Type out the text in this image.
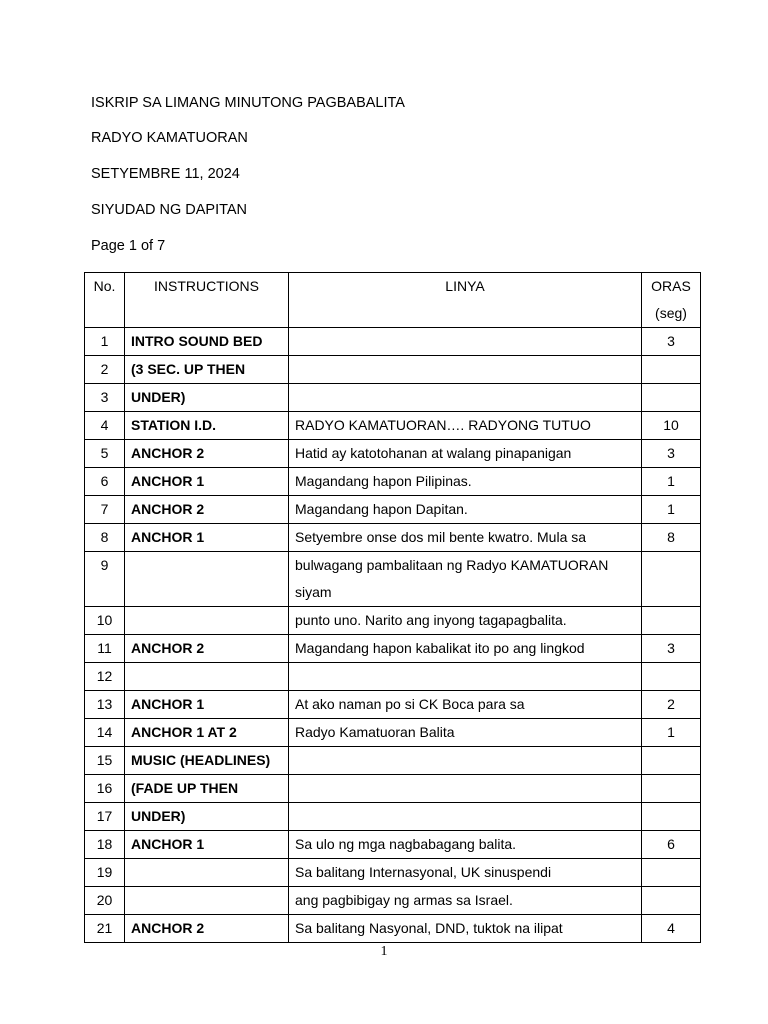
ISKRIP SA LIMANG MINUTONG PAGBABALITA
RADYO KAMATUORAN
SETYEMBRE 11, 2024
SIYUDAD NG DAPITAN
Page 1 of 7
No.	INSTRUCTIONS	LINYA	ORAS
(seg)
1	INTRO SOUND BED		3
2	(3 SEC. UP THEN		
3	UNDER)		
4	STATION I.D.	RADYO KAMATUORAN…. RADYONG TUTUO	10
5	ANCHOR 2	Hatid ay katotohanan at walang pinapanigan	3
6	ANCHOR 1	Magandang hapon Pilipinas.	1
7	ANCHOR 2	Magandang hapon Dapitan.	1
8	ANCHOR 1	Setyembre onse dos mil bente kwatro. Mula sa	8
9		bulwagang pambalitaan ng Radyo KAMATUORAN siyam	
10		punto uno. Narito ang inyong tagapagbalita.	
11	ANCHOR 2	Magandang hapon kabalikat ito po ang lingkod	3
12			
13	ANCHOR 1	At ako naman po si CK Boca para sa	2
14	ANCHOR 1 AT 2	Radyo Kamatuoran Balita	1
15	MUSIC (HEADLINES)		
16	(FADE UP THEN		
17	UNDER)		
18	ANCHOR 1	Sa ulo ng mga nagbabagang balita.	6
19		Sa balitang Internasyonal, UK sinuspendi	
20		ang pagbibigay ng armas sa Israel.	
21	ANCHOR 2	Sa balitang Nasyonal, DND, tuktok na ilipat	4
1
